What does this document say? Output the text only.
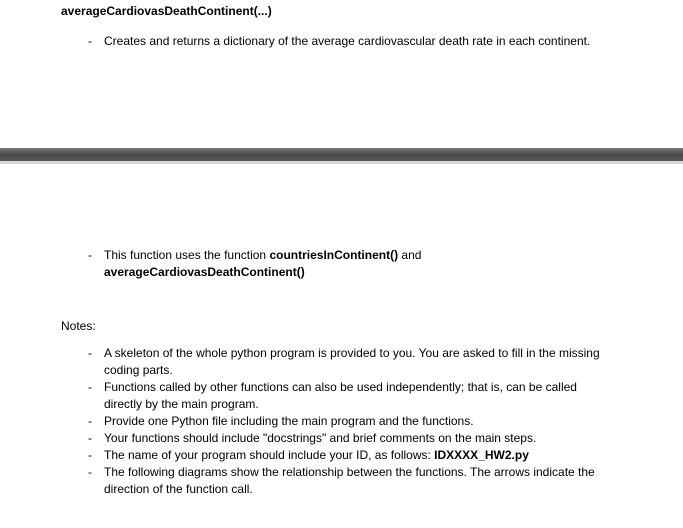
averageCardiovasDeathContinent(...)
- Creates and returns a dictionary of the average cardiovascular death rate in each continent.
- This function uses the function countriesInContinent() and
averageCardiovasDeathContinent()
Notes:
- A skeleton of the whole python program is provided to you. You are asked to fill in the missing
coding parts.
- Functions called by other functions can also be used independently; that is, can be called
directly by the main program.
- Provide one Python file including the main program and the functions.
- Your functions should include "docstrings" and brief comments on the main steps.
- The name of your program should include your ID, as follows: IDXXXX_HW2.py
- The following diagrams show the relationship between the functions. The arrows indicate the
direction of the function call.
